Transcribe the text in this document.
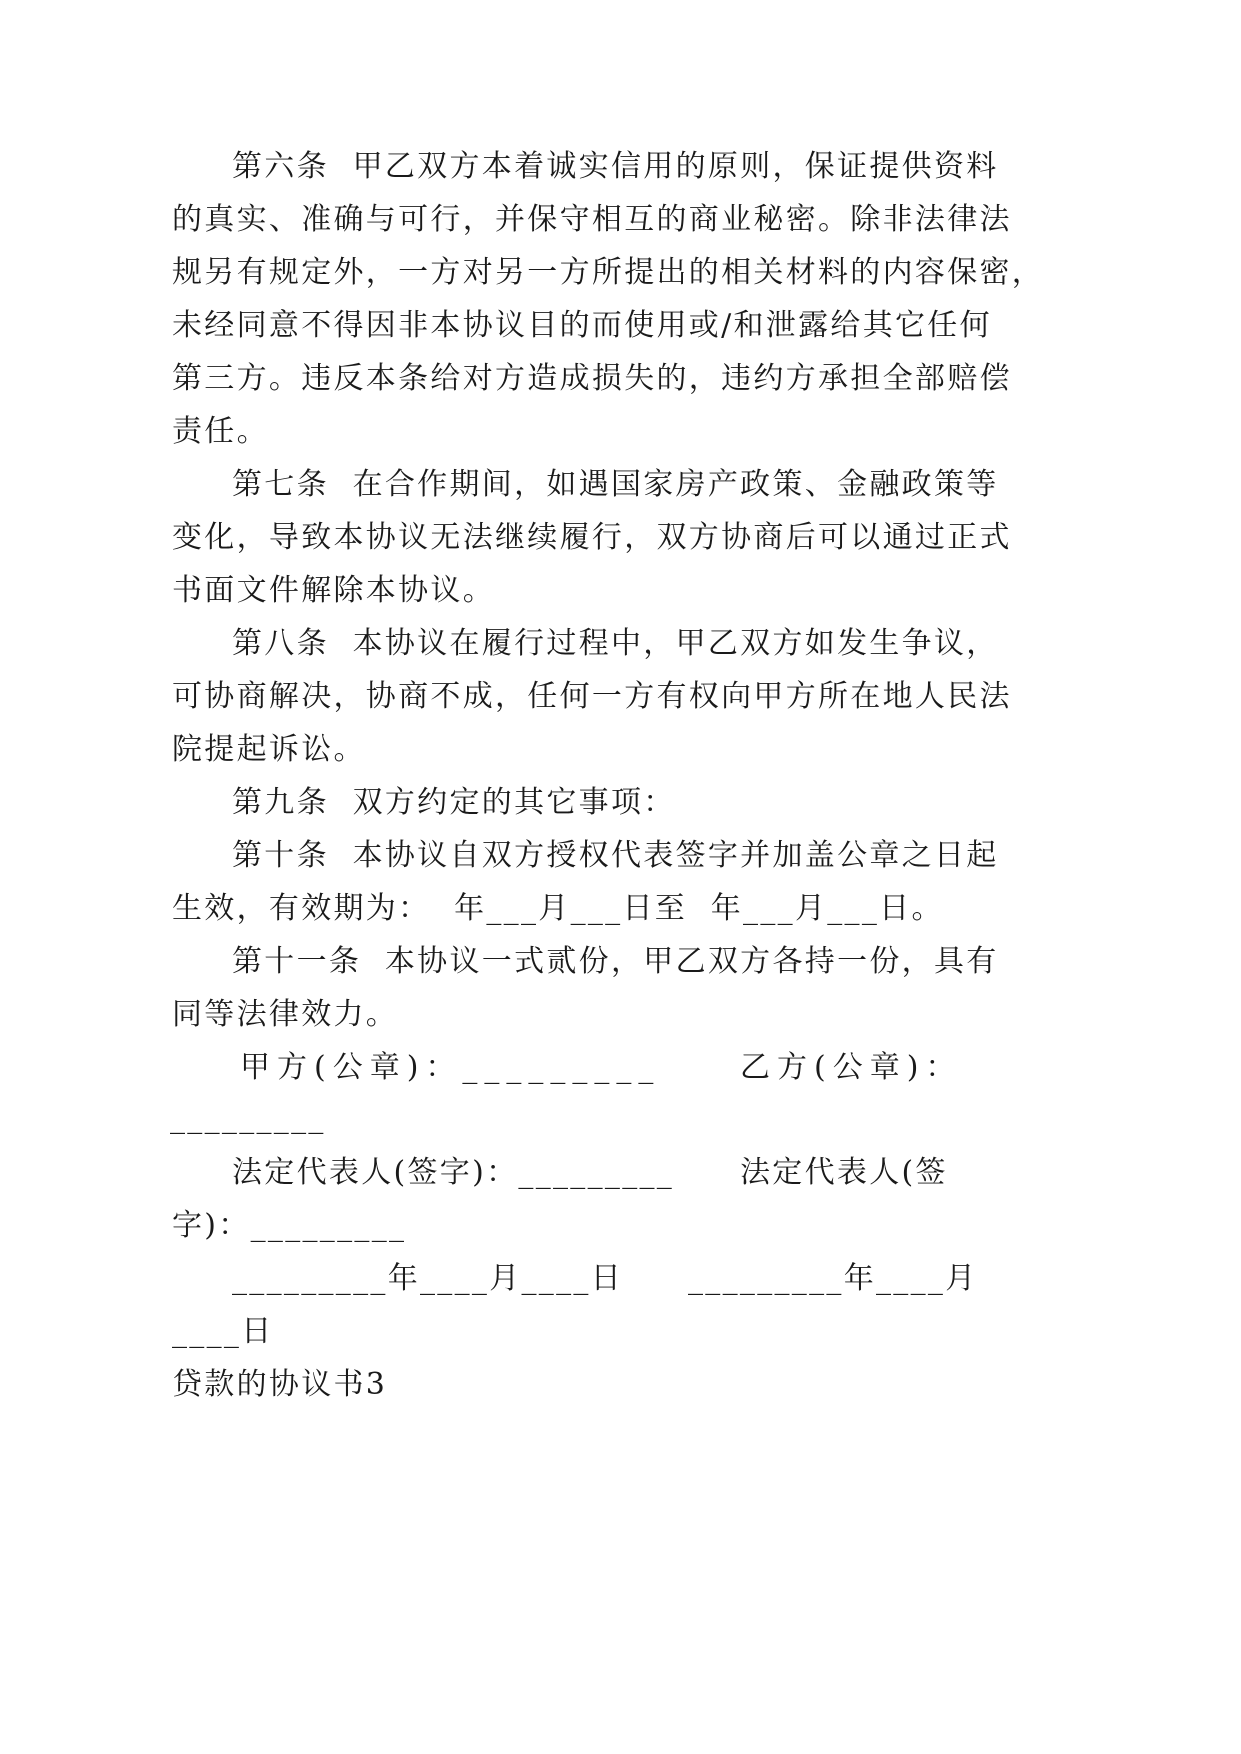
第六条  甲乙双方本着诚实信用的原则，保证提供资料
的真实、准确与可行，并保守相互的商业秘密。除非法律法
规另有规定外，一方对另一方所提出的相关材料的内容保密，
未经同意不得因非本协议目的而使用或/和泄露给其它任何
第三方。违反本条给对方造成损失的，违约方承担全部赔偿
责任。
第七条  在合作期间，如遇国家房产政策、金融政策等
变化，导致本协议无法继续履行，双方协商后可以通过正式
书面文件解除本协议。
第八条  本协议在履行过程中，甲乙双方如发生争议，
可协商解决，协商不成，任何一方有权向甲方所在地人民法
院提起诉讼。
第九条  双方约定的其它事项：
第十条  本协议自双方授权代表签字并加盖公章之日起
生效，有效期为：  年___月___日至  年___月___日。
第十一条  本协议一式贰份，甲乙双方各持一份，具有
同等法律效力。
甲方(公章)：_________	乙方(公章)：
_________
法定代表人(签字)：_________ 法定代表人(签
字)：_________
_________年____月____日 _________年____月
____日
贷款的协议书3
